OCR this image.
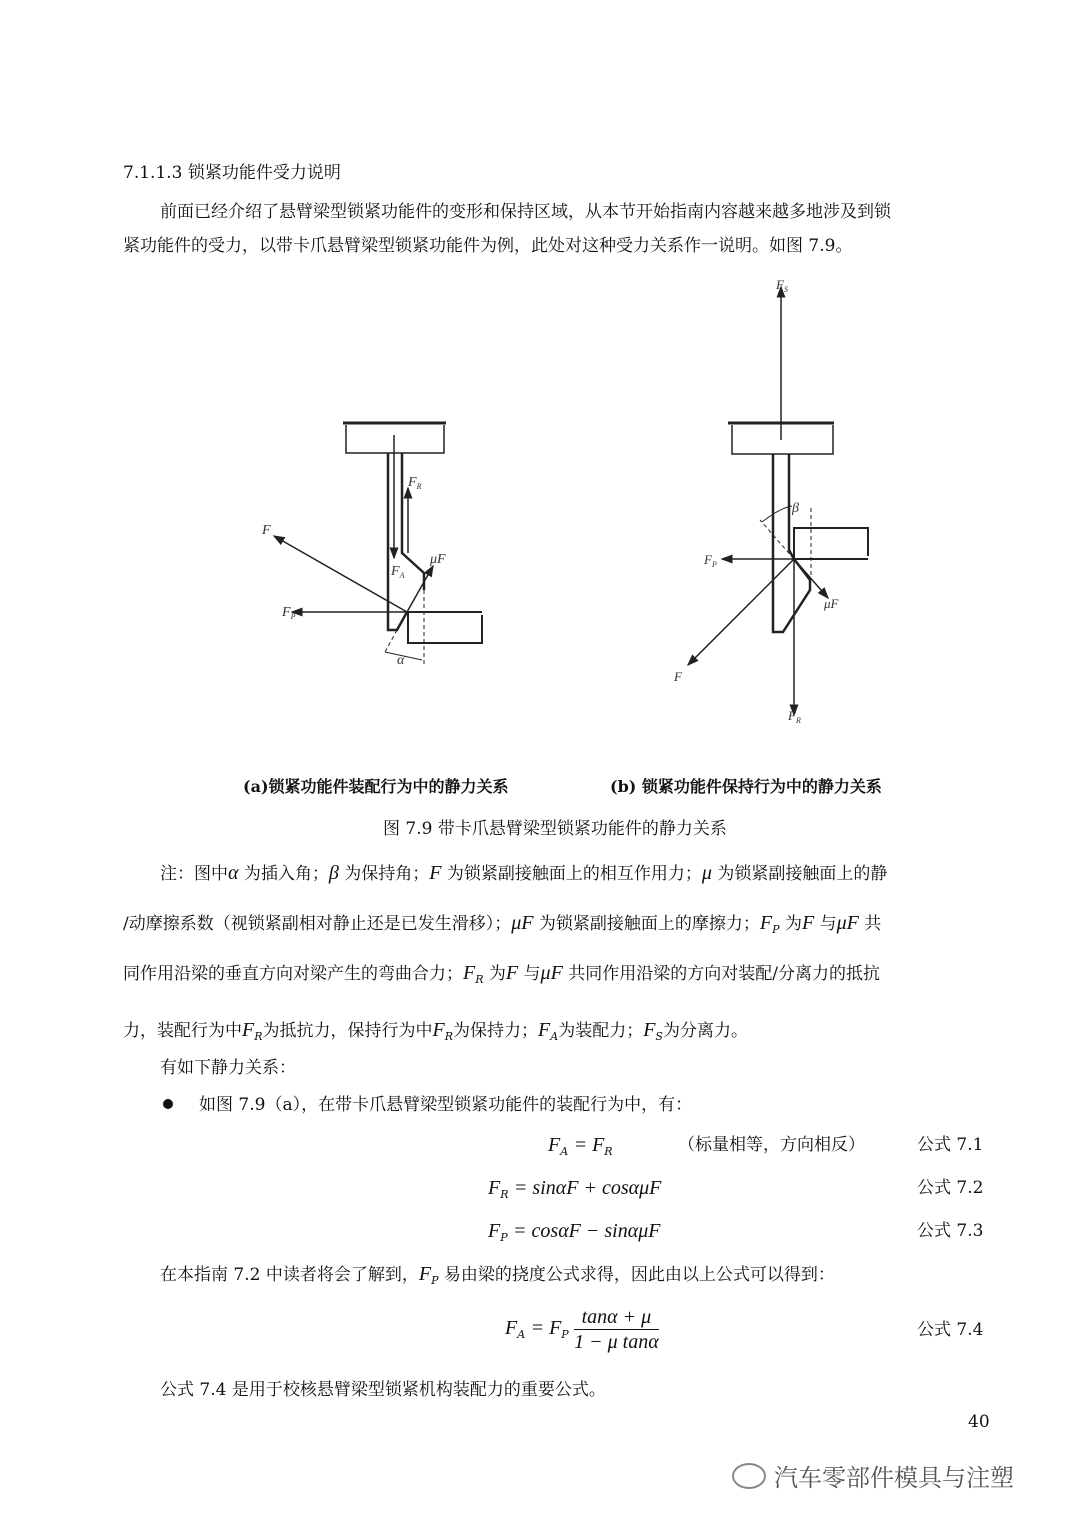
7.1.1.3 锁紧功能件受力说明
前面已经介绍了悬臂梁型锁紧功能件的变形和保持区域，从本节开始指南内容越来越多地涉及到锁
紧功能件的受力，以带卡爪悬臂梁型锁紧功能件为例，此处对这种受力关系作一说明。如图 7.9。
F
$F_P$
$F_R$
$F_A$
μF
α
$F_S$
$F_P$
F
μF
$F_R$
β
(a)锁紧功能件装配行为中的静力关系	(b) 锁紧功能件保持行为中的静力关系
图 7.9 带卡爪悬臂梁型锁紧功能件的静力关系
注：图中α 为插入角；β 为保持角；F 为锁紧副接触面上的相互作用力；μ 为锁紧副接触面上的静
/动摩擦系数（视锁紧副相对静止还是已发生滑移）；μF 为锁紧副接触面上的摩擦力；$F_P$ 为F 与μF 共
同作用沿梁的垂直方向对梁产生的弯曲合力；$F_R$ 为F 与μF 共同作用沿梁的方向对装配/分离力的抵抗
力，装配行为中$F_R$为抵抗力，保持行为中$F_R$为保持力；$F_A$为装配力；$F_S$为分离力。
有如下静力关系：
如图 7.9（a），在带卡爪悬臂梁型锁紧功能件的装配行为中，有：
$F_A = F_R$	（标量相等，方向相反）	公式 7.1
$F_R = \sin\alpha F + \cos\alpha\mu F$	公式 7.2
$F_P = \cos\alpha F - \sin\alpha\mu F$	公式 7.3
在本指南 7.2 中读者将会了解到，$F_P$ 易由梁的挠度公式求得，因此由以上公式可以得到：
$F_A = F_P \frac{\tan\alpha + \mu}{\text{1 − μ tanα}}$	公式 7.4
公式 7.4 是用于校核悬臂梁型锁紧机构装配力的重要公式。
40
汽车零部件模具与注塑
